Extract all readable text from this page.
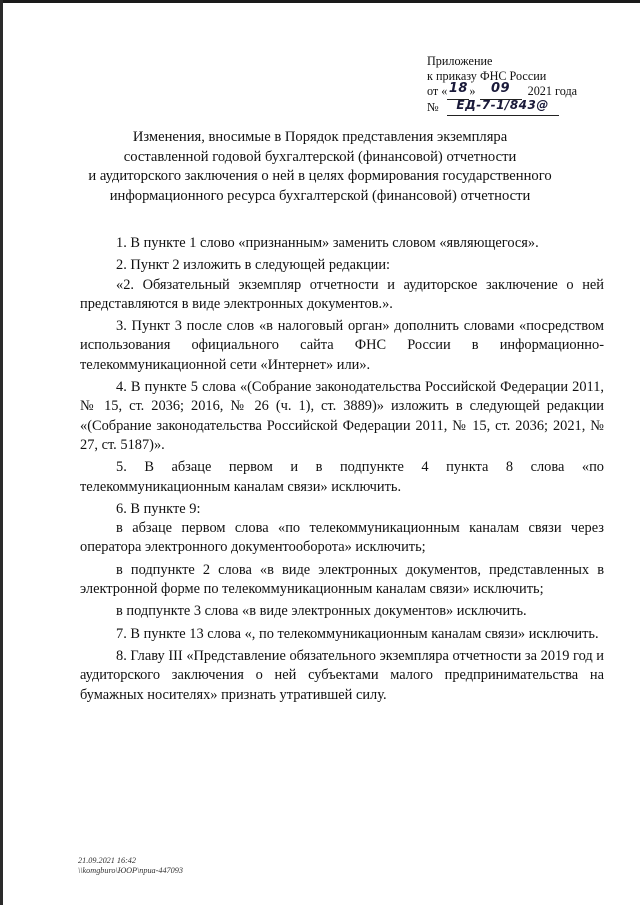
Приложение
к приказу ФНС России
от «18» 09 2021 года
№ ЕД-7-1/843@
Изменения, вносимые в Порядок представления экземпляра
составленной годовой бухгалтерской (финансовой) отчетности
и аудиторского заключения о ней в целях формирования государственного
информационного ресурса бухгалтерской (финансовой) отчетности

1. В пункте 1 слово «признанным» заменить словом «являющегося».

2. Пункт 2 изложить в следующей редакции:

«2. Обязательный экземпляр отчетности и аудиторское заключение о ней представляются в виде электронных документов.».

3. Пункт 3 после слов «в налоговый орган» дополнить словами «посредством использования официального сайта ФНС России в информационно-телекоммуникационной сети «Интернет» или».

4. В пункте 5 слова «(Собрание законодательства Российской Федерации 2011, № 15, ст. 2036; 2016, № 26 (ч. 1), ст. 3889)» изложить в следующей редакции «(Собрание законодательства Российской Федерации 2011, № 15, ст. 2036; 2021, № 27, ст. 5187)».

5. В абзаце первом и в подпункте 4 пункта 8 слова «по телекоммуникационным каналам связи» исключить.

6. В пункте 9:

в абзаце первом слова «по телекоммуникационным каналам связи через оператора электронного документооборота» исключить;

в подпункте 2 слова «в виде электронных документов, представленных в электронной форме по телекоммуникационным каналам связи» исключить;

в подпункте 3 слова «в виде электронных документов» исключить.

7. В пункте 13 слова «, по телекоммуникационным каналам связи» исключить.

8. Главу III «Представление обязательного экземпляра отчетности за 2019 год и аудиторского заключения о ней субъектами малого предпринимательства на бумажных носителях» признать утратившей силу.

21.09.2021 16:42
\\komgburo\ЮОР\приа-447093
